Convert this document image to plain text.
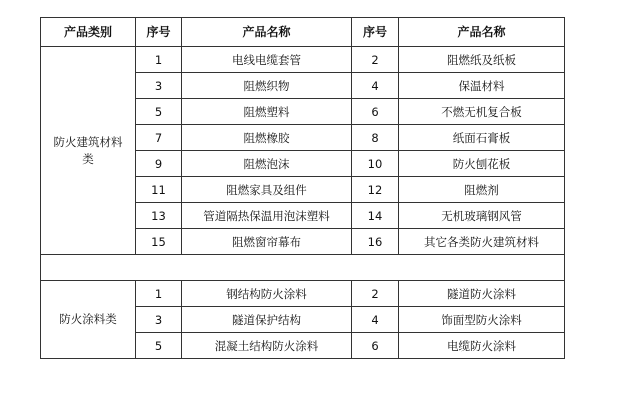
产品类别	序号	产品名称	序号	产品名称
防火建筑材料类	1	电线电缆套管	2	阻燃纸及纸板
	3	阻燃织物	4	保温材料
	5	阻燃塑料	6	不燃无机复合板
	7	阻燃橡胶	8	纸面石膏板
	9	阻燃泡沫	10	防火刨花板
	11	阻燃家具及组件	12	阻燃剂
	13	管道隔热保温用泡沫塑料	14	无机玻璃钢风管
	15	阻燃窗帘幕布	16	其它各类防火建筑材料

防火涂料类	1	钢结构防火涂料	2	隧道防火涂料
	3	隧道保护结构	4	饰面型防火涂料
	5	混凝土结构防火涂料	6	电缆防火涂料
